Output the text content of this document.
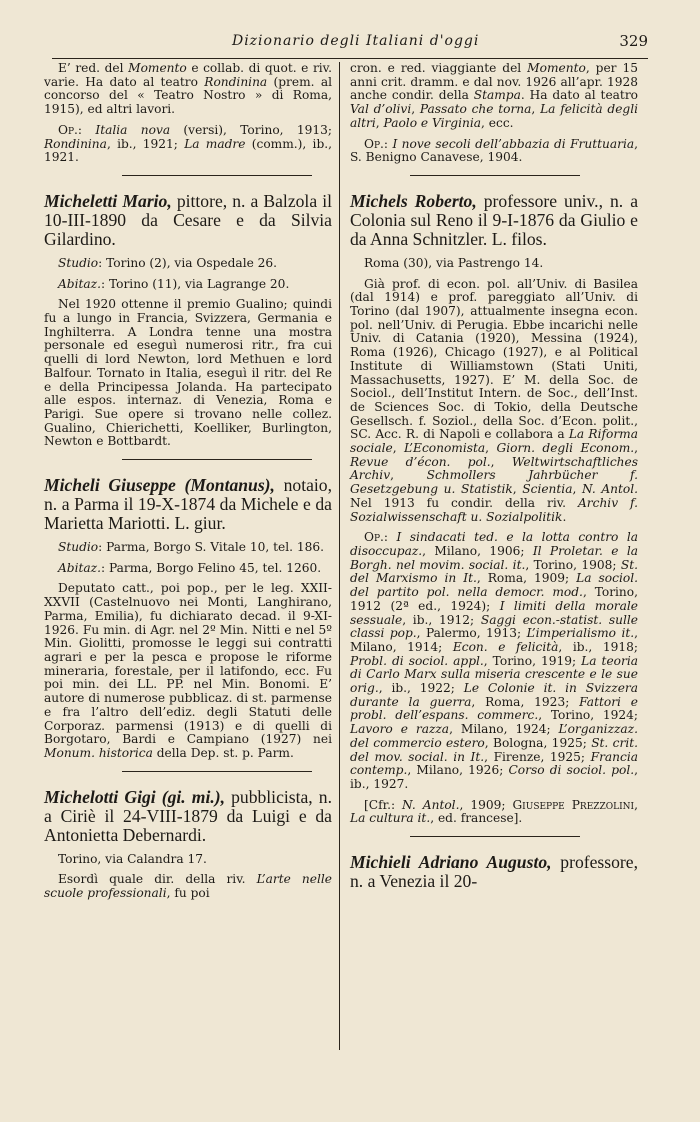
Dizionario degli Italiani d'oggi	329

E’ red. del Momento e collab. di quot. e riv. varie. Ha dato al teatro Rondinina (prem. al concorso del « Teatro Nostro » di Roma, 1915), ed altri lavori.

Op.: Italia nova (versi), Torino, 1913; Rondinina, ib., 1921; La madre (comm.), ib., 1921.

Micheletti Mario, pittore, n. a Balzola il 10-III-1890 da Cesare e da Silvia Gilardino.

Studio: Torino (2), via Ospedale 26.

Abitaz.: Torino (11), via Lagrange 20.

Nel 1920 ottenne il premio Gualino; quindi fu a lungo in Francia, Svizzera, Germania e Inghilterra. A Londra tenne una mostra personale ed eseguì numerosi ritr., fra cui quelli di lord Newton, lord Methuen e lord Balfour. Tornato in Italia, eseguì il ritr. del Re e della Principessa Jolanda. Ha partecipato alle espos. internaz. di Venezia, Roma e Parigi. Sue opere si trovano nelle collez. Gualino, Chierichetti, Koelliker, Burlington, Newton e Bottbardt.

Micheli Giuseppe (Montanus), notaio, n. a Parma il 19-X-1874 da Michele e da Marietta Mariotti. L. giur.

Studio: Parma, Borgo S. Vitale 10, tel. 186.

Abitaz.: Parma, Borgo Felino 45, tel. 1260.

Deputato catt., poi pop., per le leg. XXII-XXVII (Castelnuovo nei Monti, Langhirano, Parma, Emilia), fu dichiarato decad. il 9-XI-1926. Fu min. di Agr. nel 2º Min. Nitti e nel 5º Min. Giolitti, promosse le leggi sui contratti agrari e per la pesca e propose le riforme mineraria, forestale, per il latifondo, ecc. Fu poi min. dei LL. PP. nel Min. Bonomi. E’ autore di numerose pubblicaz. di st. parmense e fra l’altro dell’ediz. degli Statuti delle Corporaz. parmensi (1913) e di quelli di Borgotaro, Bardi e Campiano (1927) nei Monum. historica della Dep. st. p. Parm.

Michelotti Gigi (gi. mi.), pubblicista, n. a Ciriè il 24-VIII-1879 da Luigi e da Antonietta Debernardi.

Torino, via Calandra 17.

Esordì quale dir. della riv. L’arte nelle scuole professionali, fu poi

cron. e red. viaggiante del Momento, per 15 anni crit. dramm. e dal nov. 1926 all’apr. 1928 anche condir. della Stampa. Ha dato al teatro Val d’olivi, Passato che torna, La felicità degli altri, Paolo e Virginia, ecc.

Op.: I nove secoli dell’abbazia di Fruttuaria, S. Benigno Canavese, 1904.

Michels Roberto, professore univ., n. a Colonia sul Reno il 9-I-1876 da Giulio e da Anna Schnitzler. L. filos.

Roma (30), via Pastrengo 14.

Già prof. di econ. pol. all’Univ. di Basilea (dal 1914) e prof. pareggiato all’Univ. di Torino (dal 1907), attualmente insegna econ. pol. nell’Univ. di Perugia. Ebbe incarichi nelle Univ. di Catania (1920), Messina (1924), Roma (1926), Chicago (1927), e al Political Institute di Williamstown (Stati Uniti, Massachusetts, 1927). E’ M. della Soc. de Sociol., dell’Institut Intern. de Soc., dell’Inst. de Sciences Soc. di Tokio, della Deutsche Gesellsch. f. Soziol., della Soc. d’Econ. polit., SC. Acc. R. di Napoli e collabora a La Riforma sociale, L’Economista, Giorn. degli Econom., Revue d’écon. pol., Weltwirtschaftliches Archiv, Schmollers Jahrbücher f. Gesetzgebung u. Statistik, Scientia, N. Antol. Nel 1913 fu condir. della riv. Archiv f. Sozialwissenschaft u. Sozialpolitik.

Op.: I sindacati ted. e la lotta contro la disoccupaz., Milano, 1906; Il Proletar. e la Borgh. nel movim. social. it., Torino, 1908; St. del Marxismo in It., Roma, 1909; La sociol. del partito pol. nella democr. mod., Torino, 1912 (2ª ed., 1924); I limiti della morale sessuale, ib., 1912; Saggi econ.-statist. sulle classi pop., Palermo, 1913; L’imperialismo it., Milano, 1914; Econ. e felicità, ib., 1918; Probl. di sociol. appl., Torino, 1919; La teoria di Carlo Marx sulla miseria crescente e le sue orig., ib., 1922; Le Colonie it. in Svizzera durante la guerra, Roma, 1923; Fattori e probl. dell’espans. commerc., Torino, 1924; Lavoro e razza, Milano, 1924; L’organizzaz. del commercio estero, Bologna, 1925; St. crit. del mov. social. in It., Firenze, 1925; Francia contemp., Milano, 1926; Corso di sociol. pol., ib., 1927.

[Cfr.: N. Antol., 1909; Giuseppe Prezzolini, La cultura it., ed. francese].

Michieli Adriano Augusto, professore, n. a Venezia il 20-
